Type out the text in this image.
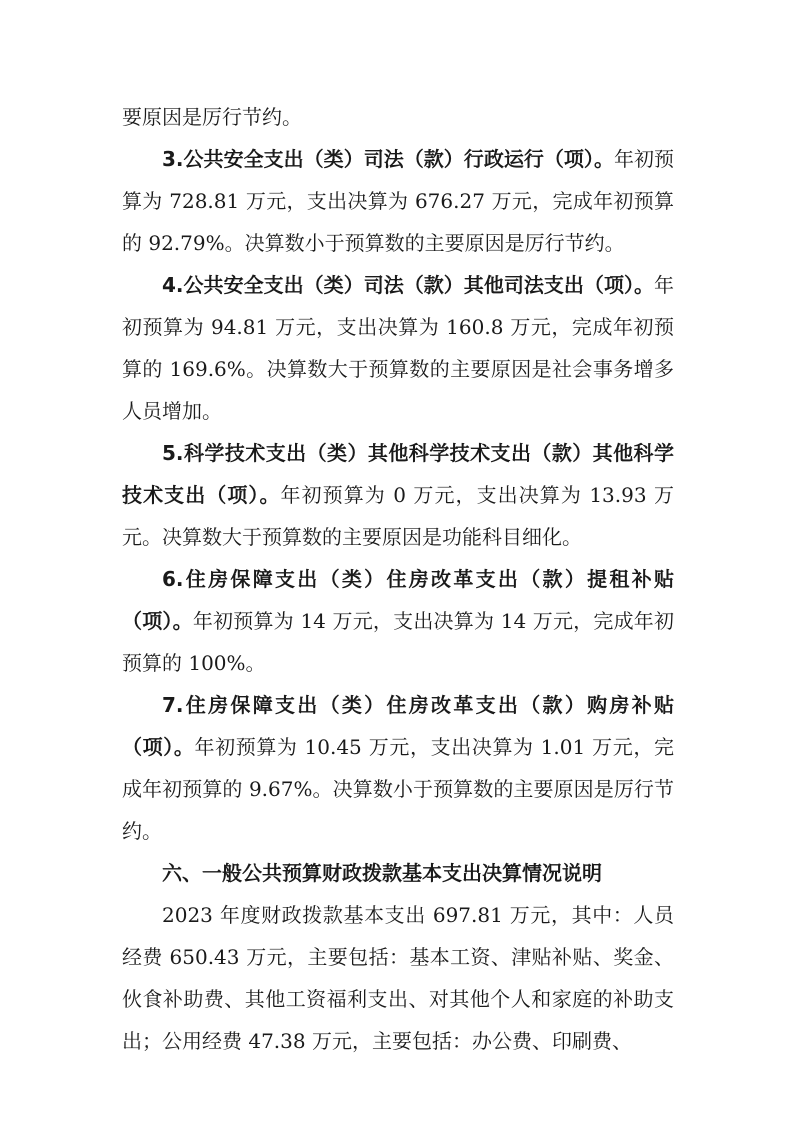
要原因是厉行节约。

3.公共安全支出（类）司法（款）行政运行（项）。年初预算为 728.81 万元，支出决算为 676.27 万元，完成年初预算的 92.79%。决算数小于预算数的主要原因是厉行节约。

4.公共安全支出（类）司法（款）其他司法支出（项）。年初预算为 94.81 万元，支出决算为 160.8 万元，完成年初预算的 169.6%。决算数大于预算数的主要原因是社会事务增多人员增加。

5.科学技术支出（类）其他科学技术支出（款）其他科学技术支出（项）。年初预算为 0 万元，支出决算为 13.93 万元。决算数大于预算数的主要原因是功能科目细化。

6.住房保障支出（类）住房改革支出（款）提租补贴（项）。年初预算为 14 万元，支出决算为 14 万元，完成年初预算的 100%。

7.住房保障支出（类）住房改革支出（款）购房补贴（项）。年初预算为 10.45 万元，支出决算为 1.01 万元，完成年初预算的 9.67%。决算数小于预算数的主要原因是厉行节约。

六、一般公共预算财政拨款基本支出决算情况说明

2023 年度财政拨款基本支出 697.81 万元，其中：人员经费 650.43 万元，主要包括：基本工资、津贴补贴、奖金、伙食补助费、其他工资福利支出、对其他个人和家庭的补助支出；公用经费 47.38 万元，主要包括：办公费、印刷费、
